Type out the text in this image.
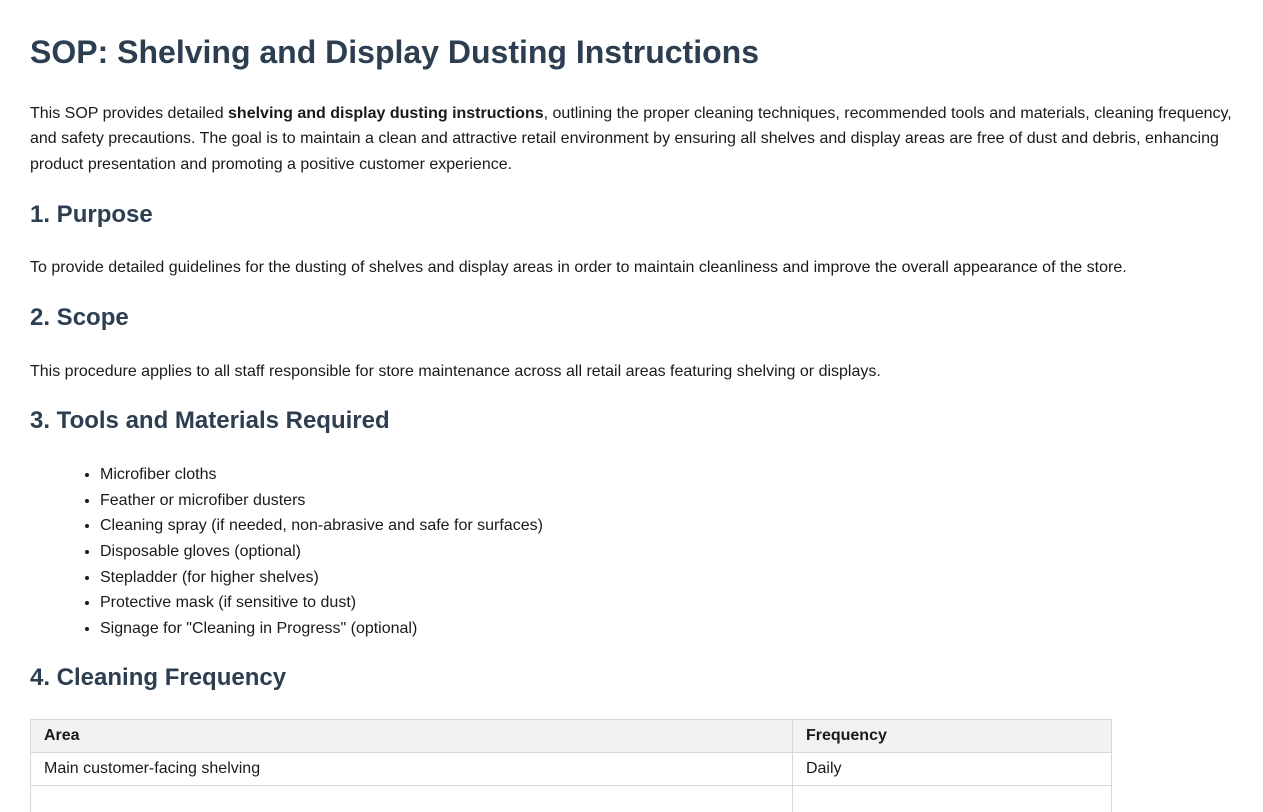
SOP: Shelving and Display Dusting Instructions

This SOP provides detailed shelving and display dusting instructions, outlining the proper cleaning techniques, recommended tools and materials, cleaning frequency, and safety precautions. The goal is to maintain a clean and attractive retail environment by ensuring all shelves and display areas are free of dust and debris, enhancing product presentation and promoting a positive customer experience.

1. Purpose

To provide detailed guidelines for the dusting of shelves and display areas in order to maintain cleanliness and improve the overall appearance of the store.

2. Scope

This procedure applies to all staff responsible for store maintenance across all retail areas featuring shelving or displays.

3. Tools and Materials Required
• Microfiber cloths
• Feather or microfiber dusters
• Cleaning spray (if needed, non-abrasive and safe for surfaces)
• Disposable gloves (optional)
• Stepladder (for higher shelves)
• Protective mask (if sensitive to dust)
• Signage for "Cleaning in Progress" (optional)
4. Cleaning Frequency
Area	Frequency
Main customer-facing shelving	Daily
